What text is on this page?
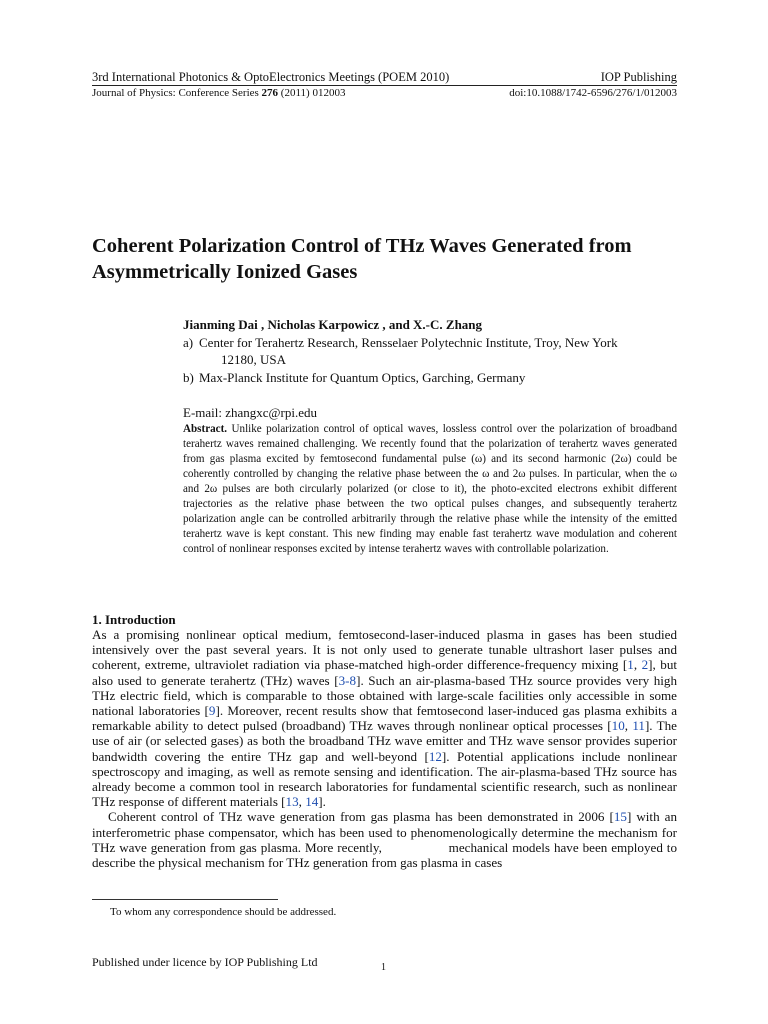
3rd International Photonics & OptoElectronics Meetings (POEM 2010)	IOP Publishing
Journal of Physics: Conference Series 276 (2011) 012003	doi:10.1088/1742-6596/276/1/012003
Coherent Polarization Control of THz Waves Generated from
Asymmetrically Ionized Gases
Jianming Dai , Nicholas Karpowicz , and X.-C. Zhang
a) Center for Terahertz Research, Rensselaer Polytechnic Institute, Troy, New York
12180, USA
b) Max-Planck Institute for Quantum Optics, Garching, Germany
E-mail: zhangxc@rpi.edu

Abstract. Unlike polarization control of optical waves, lossless control over the polarization of broadband terahertz waves remained challenging. We recently found that the polarization of terahertz waves generated from gas plasma excited by femtosecond fundamental pulse (ω) and its second harmonic (2ω) could be coherently controlled by changing the relative phase between the ω and 2ω pulses. In particular, when the ω and 2ω pulses are both circularly polarized (or close to it), the photo-excited electrons exhibit different trajectories as the relative phase between the two optical pulses changes, and subsequently terahertz polarization angle can be controlled arbitrarily through the relative phase while the intensity of the emitted terahertz wave is kept constant. This new finding may enable fast terahertz wave modulation and coherent control of nonlinear responses excited by intense terahertz waves with controllable polarization.

1. Introduction

As a promising nonlinear optical medium, femtosecond-laser-induced plasma in gases has been studied intensively over the past several years. It is not only used to generate tunable ultrashort laser pulses and coherent, extreme, ultraviolet radiation via phase-matched high-order difference-frequency mixing [1, 2], but also used to generate terahertz (THz) waves [3-8]. Such an air-plasma-based THz source provides very high THz electric field, which is comparable to those obtained with large-scale facilities only accessible in some national laboratories [9]. Moreover, recent results show that femtosecond laser-induced gas plasma exhibits a remarkable ability to detect pulsed (broadband) THz waves through nonlinear optical processes [10, 11]. The use of air (or selected gases) as both the broadband THz wave emitter and THz wave sensor provides superior bandwidth covering the entire THz gap and well-beyond [12]. Potential applications include nonlinear spectroscopy and imaging, as well as remote sensing and identification. The air-plasma-based THz source has already become a common tool in research laboratories for fundamental scientific research, such as nonlinear THz response of different materials [13, 14].

Coherent control of THz wave generation from gas plasma has been demonstrated in 2006 [15] with an interferometric phase compensator, which has been used to phenomenologically determine the mechanism for THz wave generation from gas plasma. More recently,                 mechanical models have been employed to describe the physical mechanism for THz generation from gas plasma in cases

To whom any correspondence should be addressed.
Published under licence by IOP Publishing Ltd	1
